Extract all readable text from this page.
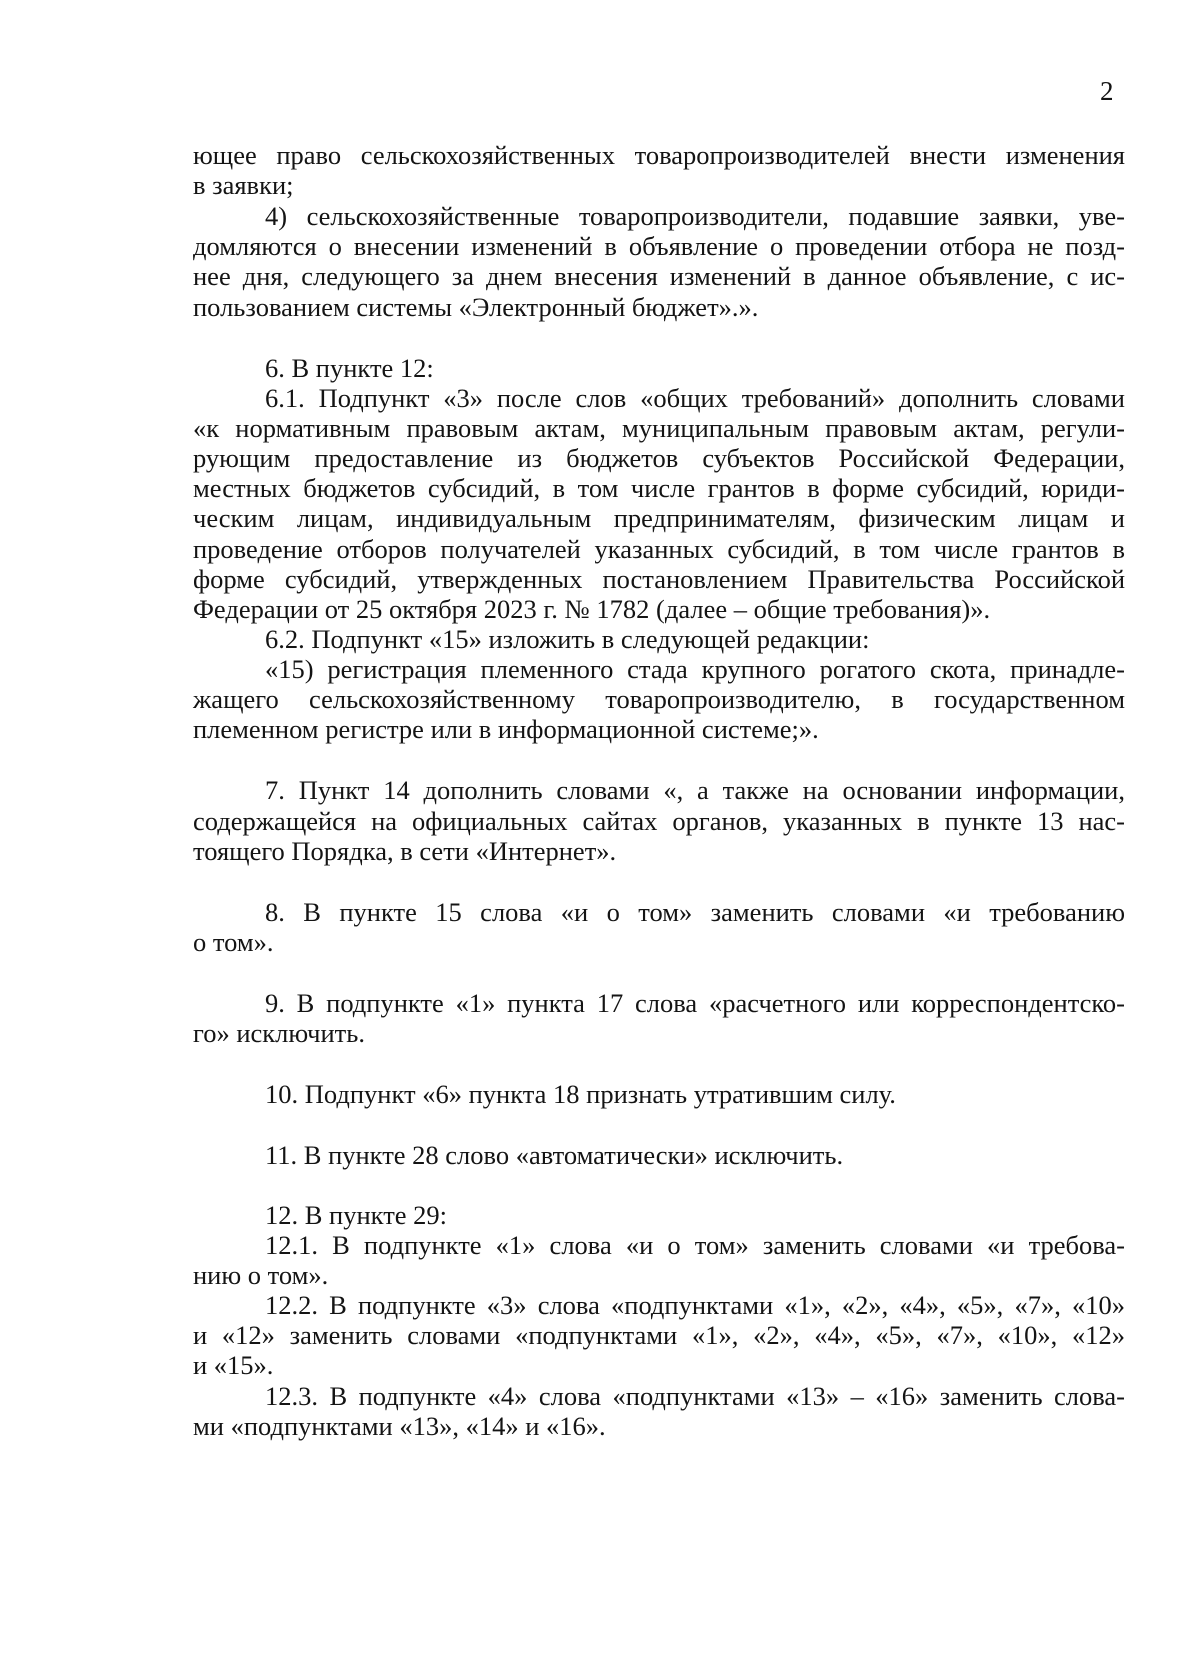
2
ющее право сельскохозяйственных товаропроизводителей внести изменения
в заявки;
4) сельскохозяйственные товаропроизводители, подавшие заявки, уве-
домляются о внесении изменений в объявление о проведении отбора не позд-
нее дня, следующего за днем внесения изменений в данное объявление, с ис-
пользованием системы «Электронный бюджет».».
6. В пункте 12:
6.1. Подпункт «3» после слов «общих требований» дополнить словами
«к нормативным правовым актам, муниципальным правовым актам, регули-
рующим предоставление из бюджетов субъектов Российской Федерации,
местных бюджетов субсидий, в том числе грантов в форме субсидий, юриди-
ческим лицам, индивидуальным предпринимателям, физическим лицам и
проведение отборов получателей указанных субсидий, в том числе грантов в
форме субсидий, утвержденных постановлением Правительства Российской
Федерации от 25 октября 2023 г. № 1782 (далее – общие требования)».
6.2. Подпункт «15» изложить в следующей редакции:
«15) регистрация племенного стада крупного рогатого скота, принадле-
жащего сельскохозяйственному товаропроизводителю, в государственном
племенном регистре или в информационной системе;».
7. Пункт 14 дополнить словами «, а также на основании информации,
содержащейся на официальных сайтах органов, указанных в пункте 13 нас-
тоящего Порядка, в сети «Интернет».
8. В пункте 15 слова «и о том» заменить словами «и требованию
о том».
9. В подпункте «1» пункта 17 слова «расчетного или корреспондентско-
го» исключить.
10. Подпункт «6» пункта 18 признать утратившим силу.
11. В пункте 28 слово «автоматически» исключить.
12. В пункте 29:
12.1. В подпункте «1» слова «и о том» заменить словами «и требова-
нию о том».
12.2. В подпункте «3» слова «подпунктами «1», «2», «4», «5», «7», «10»
и «12» заменить словами «подпунктами «1», «2», «4», «5», «7», «10», «12»
и «15».
12.3. В подпункте «4» слова «подпунктами «13» – «16» заменить слова-
ми «подпунктами «13», «14» и «16».
